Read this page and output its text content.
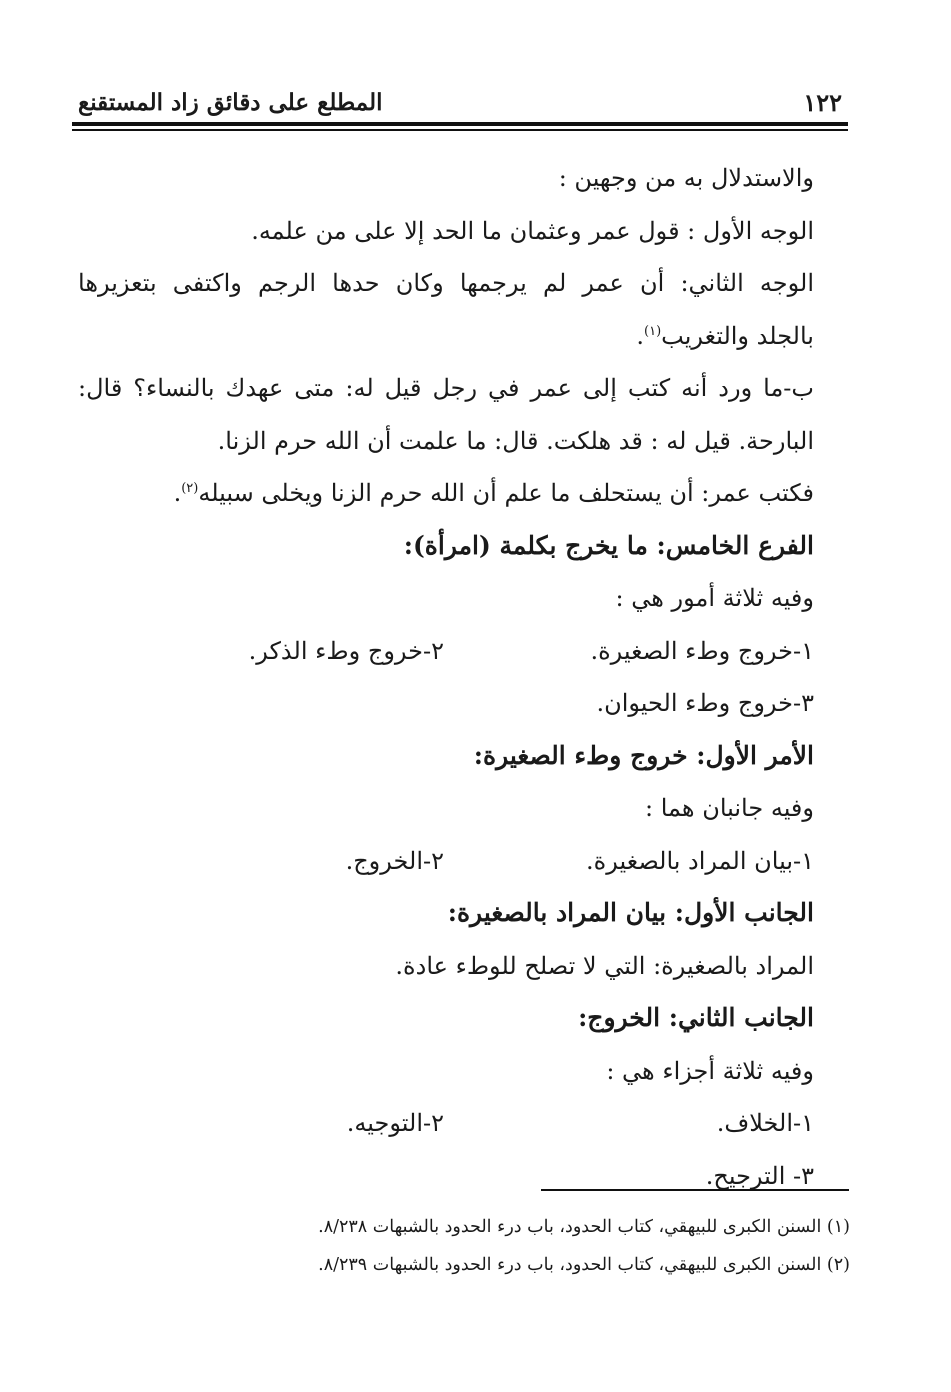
١٢٢
المطلع على دقائق زاد المستقنع
والاستدلال به من وجهين :
الوجه الأول : قول عمر وعثمان ما الحد إلا على من علمه.
الوجه الثاني: أن عمر لم يرجمها وكان حدها الرجم واكتفى بتعزيرها
بالجلد والتغريب$^{(١)}$.
ب-ما ورد أنه كتب إلى عمر في رجل قيل له: متى عهدك بالنساء؟ قال:
البارحة. قيل له : قد هلكت. قال: ما علمت أن الله حرم الزنا.
فكتب عمر: أن يستحلف ما علم أن الله حرم الزنا ويخلى سبيله$^{(٢)}$.
الفرع الخامس: ما يخرج بكلمة (امرأة):
وفيه ثلاثة أمور هي :
١-خروج وطء الصغيرة.
٢-خروج وطء الذكر.
٣-خروج وطء الحيوان.
الأمر الأول: خروج وطء الصغيرة:
وفيه جانبان هما :
١-بيان المراد بالصغيرة.
٢-الخروج.
الجانب الأول: بيان المراد بالصغيرة:
المراد بالصغيرة: التي لا تصلح للوطء عادة.
الجانب الثاني: الخروج:
وفيه ثلاثة أجزاء هي :
١-الخلاف.
٢-التوجيه.
٣- الترجيح.
(١) السنن الكبرى للبيهقي، كتاب الحدود، باب درء الحدود بالشبهات ٨/٢٣٨.
(٢) السنن الكبرى للبيهقي، كتاب الحدود، باب درء الحدود بالشبهات ٨/٢٣٩.
